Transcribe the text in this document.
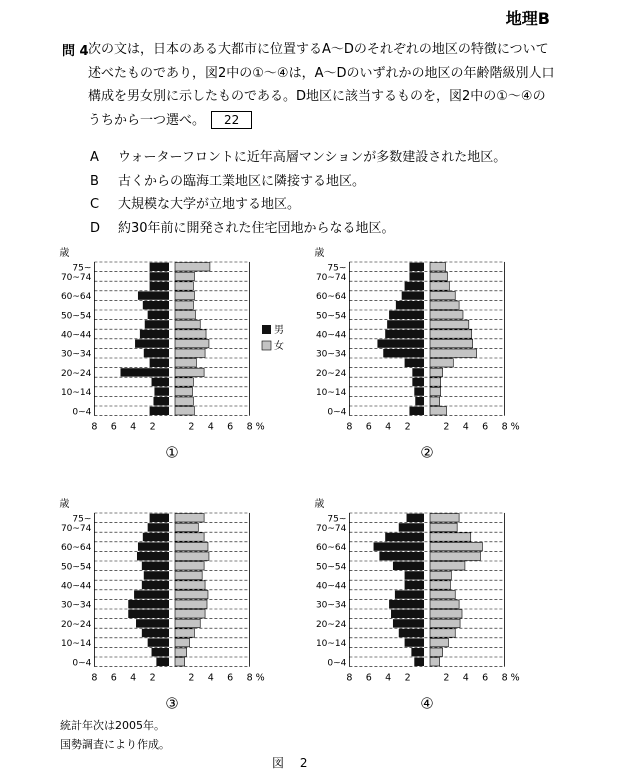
地理B
問 4 次の文は，日本のある大都市に位置するA～Dのそれぞれの地区の特徴について述べたものであり，図2中の①～④は，A～Dのいずれかの地区の年齢階級別人口構成を男女別に示したものである。D地区に該当するものを，図2中の①～④のうちから一つ選べ。 22
A ウォーターフロントに近年高層マンションが多数建設された地区。
B 古くからの臨海工業地区に隣接する地区。
C 大規模な大学が立地する地区。
D 約30年前に開発された住宅団地からなる地区。
0~4
10~14
20~24
30~34
40~44
50~54
60~64
70~74
75~
歳
8 6 4 2	2 4 6 8 %
①
0~4
10~14
20~24
30~34
40~44
50~54
60~64
70~74
75~
歳
8 6 4 2	2 4 6 8 %
②
0~4
10~14
20~24
30~34
40~44
50~54
60~64
70~74
75~
歳
8 6 4 2	2 4 6 8 %
③
0~4
10~14
20~24
30~34
40~44
50~54
60~64
70~74
75~
歳
8 6 4 2	2 4 6 8 %
④
男
女
統計年次は2005年。
国勢調査により作成。
図 2
